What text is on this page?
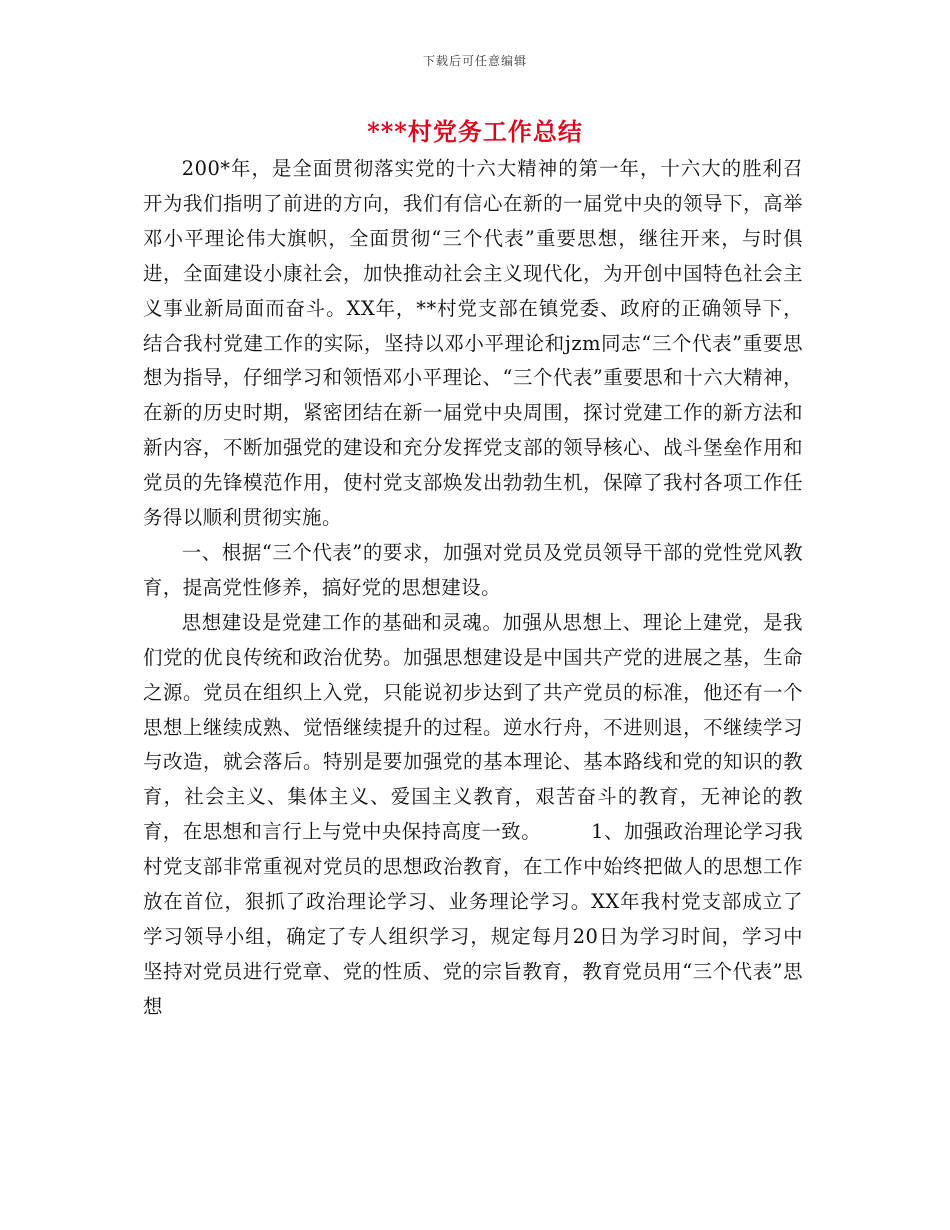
下载后可任意编辑
***村党务工作总结

200*年，是全面贯彻落实党的十六大精神的第一年，十六大的胜利召开为我们指明了前进的方向，我们有信心在新的一届党中央的领导下，高举邓小平理论伟大旗帜，全面贯彻“三个代表”重要思想，继往开来，与时俱进，全面建设小康社会，加快推动社会主义现代化，为开创中国特色社会主义事业新局面而奋斗。XX年，**村党支部在镇党委、政府的正确领导下，结合我村党建工作的实际，坚持以邓小平理论和jzm同志“三个代表”重要思想为指导，仔细学习和领悟邓小平理论、“三个代表”重要思和十六大精神，在新的历史时期，紧密团结在新一届党中央周围，探讨党建工作的新方法和新内容，不断加强党的建设和充分发挥党支部的领导核心、战斗堡垒作用和党员的先锋模范作用，使村党支部焕发出勃勃生机，保障了我村各项工作任务得以顺利贯彻实施。

一、根据“三个代表”的要求，加强对党员及党员领导干部的党性党风教育，提高党性修养，搞好党的思想建设。

思想建设是党建工作的基础和灵魂。加强从思想上、理论上建党，是我们党的优良传统和政治优势。加强思想建设是中国共产党的进展之基，生命之源。党员在组织上入党，只能说初步达到了共产党员的标准，他还有一个思想上继续成熟、觉悟继续提升的过程。逆水行舟，不进则退，不继续学习与改造，就会落后。特别是要加强党的基本理论、基本路线和党的知识的教育，社会主义、集体主义、爱国主义教育，艰苦奋斗的教育，无神论的教育，在思想和言行上与党中央保持高度一致。　　　1、加强政治理论学习我村党支部非常重视对党员的思想政治教育，在工作中始终把做人的思想工作放在首位，狠抓了政治理论学习、业务理论学习。XX年我村党支部成立了学习领导小组，确定了专人组织学习，规定每月20日为学习时间，学习中坚持对党员进行党章、党的性质、党的宗旨教育，教育党员用“三个代表”思想
